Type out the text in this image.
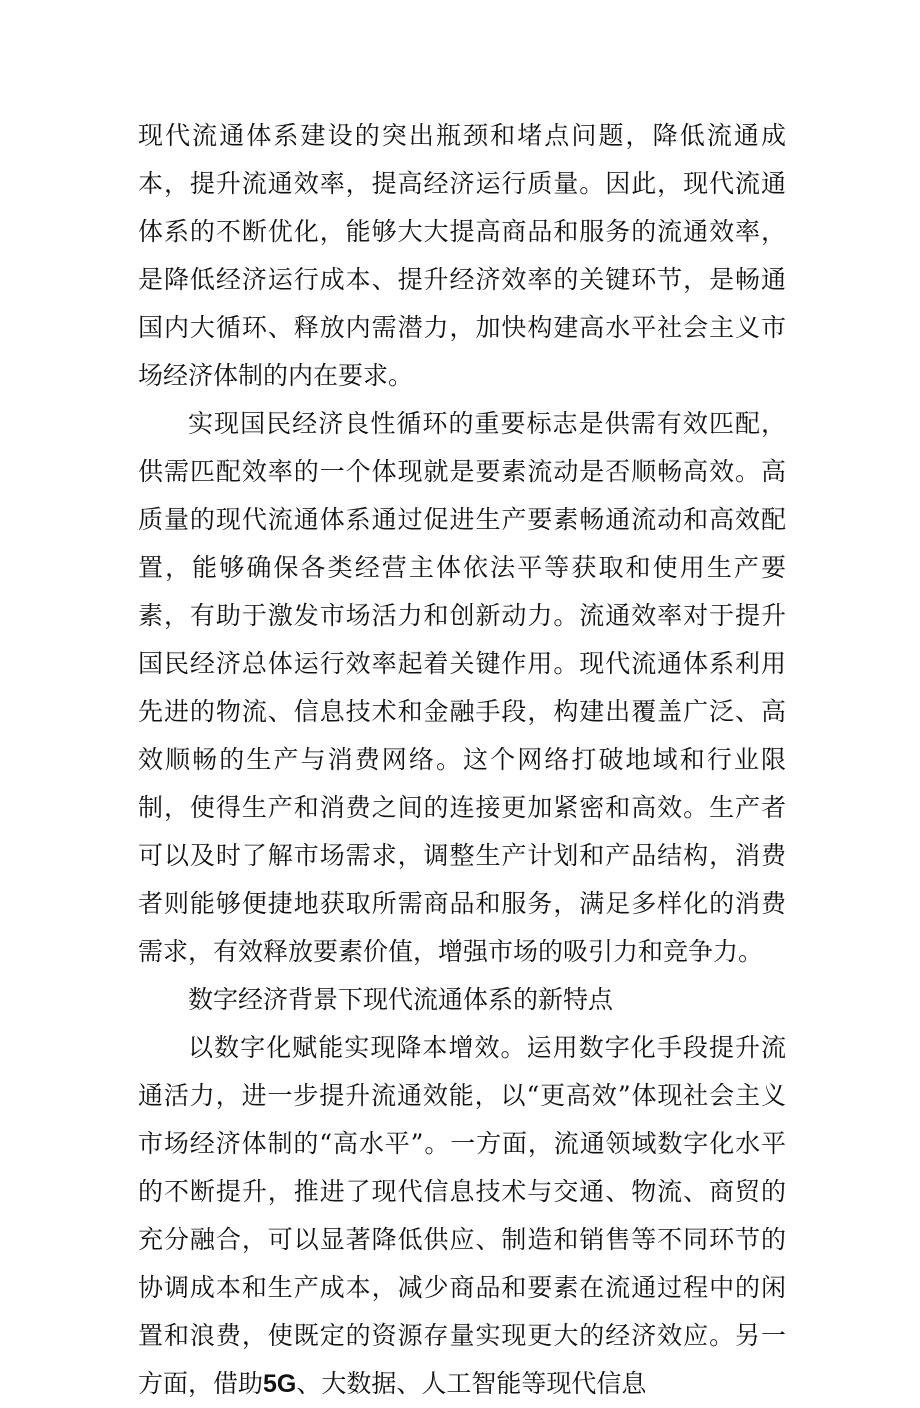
现代流通体系建设的突出瓶颈和堵点问题，降低流通成本，提升流通效率，提高经济运行质量。因此，现代流通体系的不断优化，能够大大提高商品和服务的流通效率，是降低经济运行成本、提升经济效率的关键环节，是畅通国内大循环、释放内需潜力，加快构建高水平社会主义市场经济体制的内在要求。

实现国民经济良性循环的重要标志是供需有效匹配，供需匹配效率的一个体现就是要素流动是否顺畅高效。高质量的现代流通体系通过促进生产要素畅通流动和高效配置，能够确保各类经营主体依法平等获取和使用生产要素，有助于激发市场活力和创新动力。流通效率对于提升国民经济总体运行效率起着关键作用。现代流通体系利用先进的物流、信息技术和金融手段，构建出覆盖广泛、高效顺畅的生产与消费网络。这个网络打破地域和行业限制，使得生产和消费之间的连接更加紧密和高效。生产者可以及时了解市场需求，调整生产计划和产品结构，消费者则能够便捷地获取所需商品和服务，满足多样化的消费需求，有效释放要素价值，增强市场的吸引力和竞争力。

数字经济背景下现代流通体系的新特点

以数字化赋能实现降本增效。运用数字化手段提升流通活力，进一步提升流通效能，以“更高效”体现社会主义市场经济体制的“高水平”。一方面，流通领域数字化水平的不断提升，推进了现代信息技术与交通、物流、商贸的充分融合，可以显著降低供应、制造和销售等不同环节的协调成本和生产成本，减少商品和要素在流通过程中的闲置和浪费，使既定的资源存量实现更大的经济效应。另一方面，借助5G、大数据、人工智能等现代信息
